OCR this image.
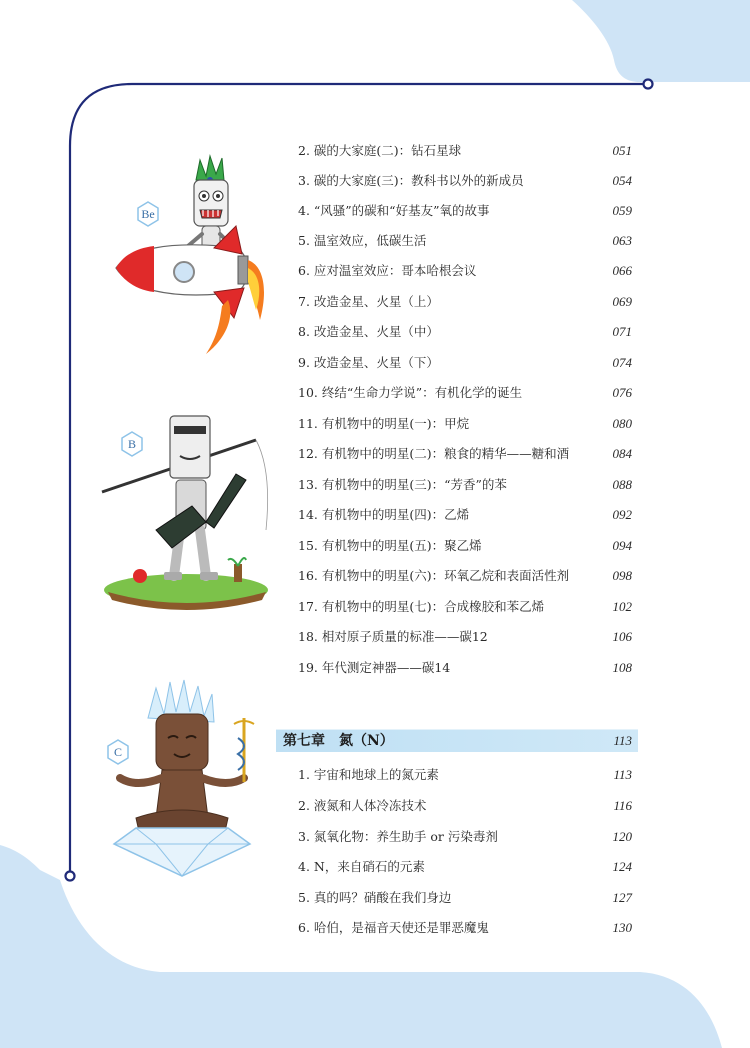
Be
B
C
2. 碳的大家庭(二)：钻石星球	051
3. 碳的大家庭(三)：教科书以外的新成员	054
4. “风骚”的碳和“好基友”氧的故事	059
5. 温室效应，低碳生活	063
6. 应对温室效应：哥本哈根会议	066
7. 改造金星、火星（上）	069
8. 改造金星、火星（中）	071
9. 改造金星、火星（下）	074
10. 终结“生命力学说”：有机化学的诞生	076
11. 有机物中的明星(一)：甲烷	080
12. 有机物中的明星(二)：粮食的精华——糖和酒	084
13. 有机物中的明星(三)：“芳香”的苯	088
14. 有机物中的明星(四)：乙烯	092
15. 有机物中的明星(五)：聚乙烯	094
16. 有机物中的明星(六)：环氧乙烷和表面活性剂	098
17. 有机物中的明星(七)：合成橡胶和苯乙烯	102
18. 相对原子质量的标准——碳12	106
19. 年代测定神器——碳14	108
第七章　氮（N）	113
1. 宇宙和地球上的氮元素	113
2. 液氮和人体冷冻技术	116
3. 氮氧化物：养生助手 or 污染毒剂	120
4. N，来自硝石的元素	124
5. 真的吗？硝酸在我们身边	127
6. 哈伯，是福音天使还是罪恶魔鬼	130
